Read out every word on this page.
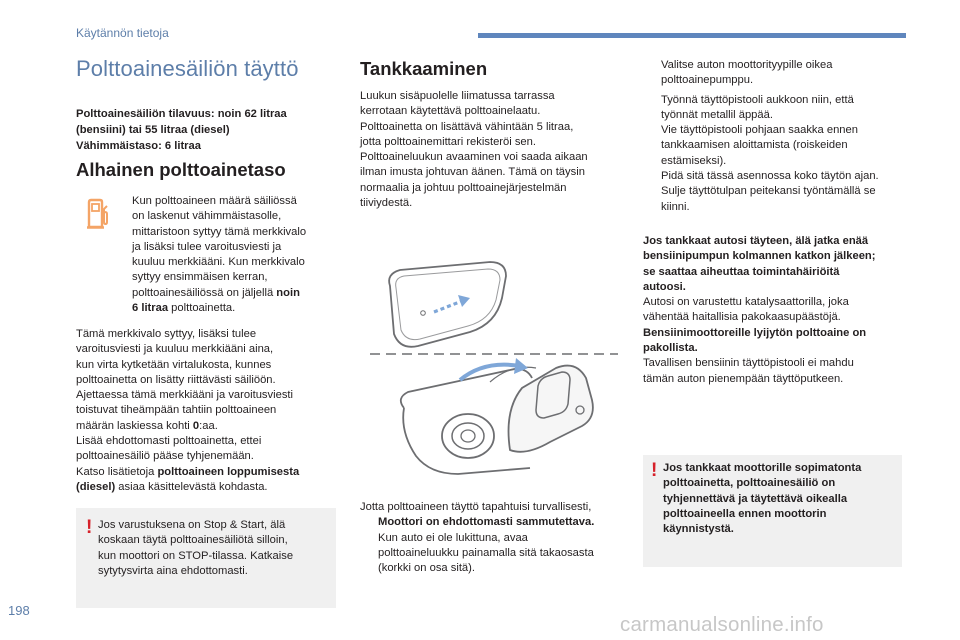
Käytännön tietoja
Polttoainesäiliön täyttö
Polttoainesäiliön tilavuus: noin 62 litraa
(bensiini) tai 55 litraa (diesel)
Vähimmäistaso: 6 litraa
Alhainen polttoainetaso
Kun polttoaineen määrä säiliössä
on laskenut vähimmäistasolle,
mittaristoon syttyy tämä merkkivalo
ja lisäksi tulee varoitusviesti ja
kuuluu merkkiääni. Kun merkkivalo
syttyy ensimmäisen kerran,
polttoainesäiliössä on jäljellä noin
6 litraa polttoainetta.
Tämä merkkivalo syttyy, lisäksi tulee
varoitusviesti ja kuuluu merkkiääni aina,
kun virta kytketään virtalukosta, kunnes
polttoainetta on lisätty riittävästi säiliöön.
Ajettaessa tämä merkkiääni ja varoitusviesti
toistuvat tiheämpään tahtiin polttoaineen
määrän laskiessa kohti 0:aa.
Lisää ehdottomasti polttoainetta, ettei
polttoainesäiliö pääse tyhjenemään.
Katso lisätietoja polttoaineen loppumisesta
(diesel) asiaa käsittelevästä kohdasta.
! Jos varustuksena on Stop & Start, älä
koskaan täytä polttoainesäiliötä silloin,
kun moottori on STOP-tilassa. Katkaise
sytytysvirta aina ehdottomasti.
Tankkaaminen
Luukun sisäpuolelle liimatussa tarrassa
kerrotaan käytettävä polttoainelaatu.
Polttoainetta on lisättävä vähintään 5 litraa,
jotta polttoainemittari rekisteröi sen.
Polttoaineluukun avaaminen voi saada aikaan
ilman imusta johtuvan äänen. Tämä on täysin
normaalia ja johtuu polttoainejärjestelmän
tiiviydestä.
Jotta polttoaineen täyttö tapahtuisi turvallisesti,
Moottori on ehdottomasti sammutettava.
Kun auto ei ole lukittuna, avaa
polttoaineluukku painamalla sitä takaosasta
(korkki on osa sitä).
Valitse auton moottorityypille oikea
polttoainepumppu.
Työnnä täyttöpistooli aukkoon niin, että
työnnät metallil äppää.
Vie täyttöpistooli pohjaan saakka ennen
tankkaamisen aloittamista (roiskeiden
estämiseksi).
Pidä sitä tässä asennossa koko täytön ajan.
Sulje täyttötulpan peitekansi työntämällä se
kiinni.
Jos tankkaat autosi täyteen, älä jatka enää
bensiinipumpun kolmannen katkon jälkeen;
se saattaa aiheuttaa toimintahäiriöitä
autoosi.
Autosi on varustettu katalysaattorilla, joka
vähentää haitallisia pakokaasupäästöjä.
Bensiinimoottoreille lyijytön polttoaine on
pakollista.
Tavallisen bensiinin täyttöpistooli ei mahdu
tämän auton pienempään täyttöputkeen.
! Jos tankkaat moottorille sopimatonta
polttoainetta, polttoainesäiliö on
tyhjennettävä ja täytettävä oikealla
polttoaineella ennen moottorin
käynnistystä.
198
carmanualsonline.info
